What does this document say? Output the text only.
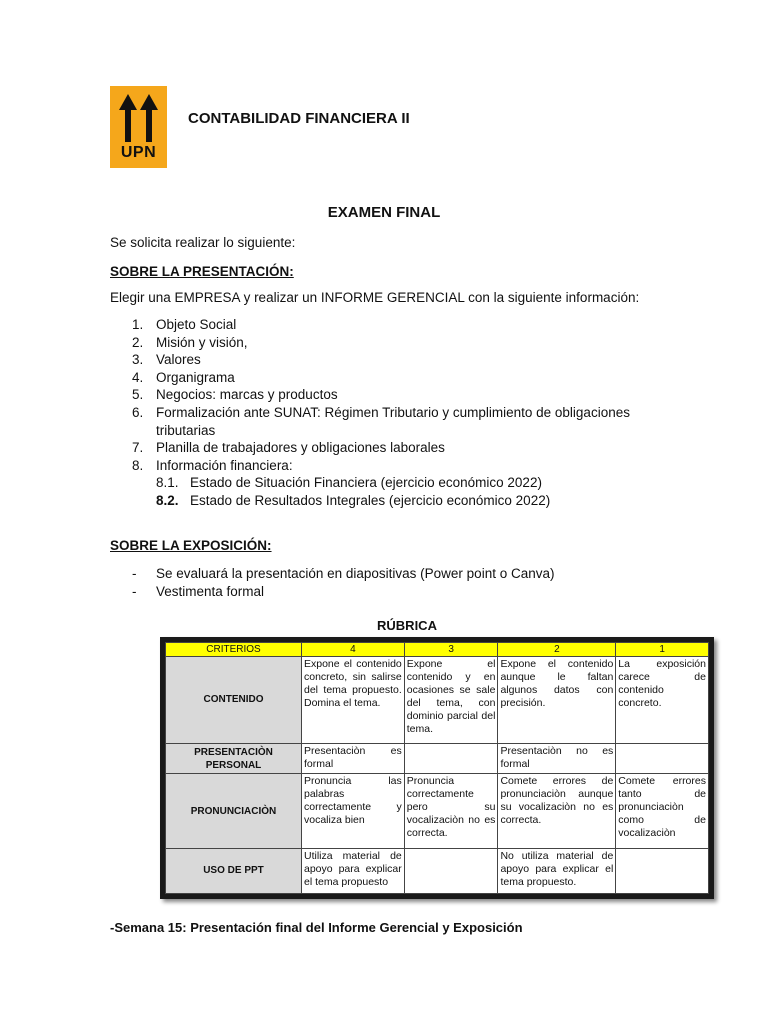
UPN
CONTABILIDAD FINANCIERA II
EXAMEN FINAL
Se solicita realizar lo siguiente:
SOBRE LA PRESENTACIÓN:
Elegir una EMPRESA y realizar un INFORME GERENCIAL con la siguiente información:
1. Objeto Social
2. Misión y visión,
3. Valores
4. Organigrama
5. Negocios: marcas y productos
6. Formalización ante SUNAT: Régimen Tributario y cumplimiento de obligaciones tributarias
7. Planilla de trabajadores y obligaciones laborales
8. Información financiera:
8.1. Estado de Situación Financiera (ejercicio económico 2022)
8.2. Estado de Resultados Integrales (ejercicio económico 2022)
SOBRE LA EXPOSICIÓN:
- Se evaluará la presentación en diapositivas (Power point o Canva)
- Vestimenta formal
RÚBRICA
CRITERIOS	4	3	2	1
CONTENIDO	Expone el contenido concreto, sin salirse del tema propuesto. Domina el tema.	Expone el contenido y en ocasiones se sale del tema, con dominio parcial del tema.	Expone el contenido aunque le faltan algunos datos con precisión.	La exposición carece de contenido concreto.
PRESENTACIÒN PERSONAL	Presentaciòn es formal		Presentaciòn no es formal	
PRONUNCIACIÒN	Pronuncia las palabras correctamente y vocaliza bien	Pronuncia correctamente pero su vocalizaciòn no es correcta.	Comete errores de pronunciaciòn aunque su vocalizaciòn no es correcta.	Comete errores tanto de pronunciaciòn como de vocalizaciòn
USO DE PPT	Utiliza material de apoyo para explicar el tema propuesto		No utiliza material de apoyo para explicar el tema propuesto.	
-Semana 15: Presentación final del Informe Gerencial y Exposición
